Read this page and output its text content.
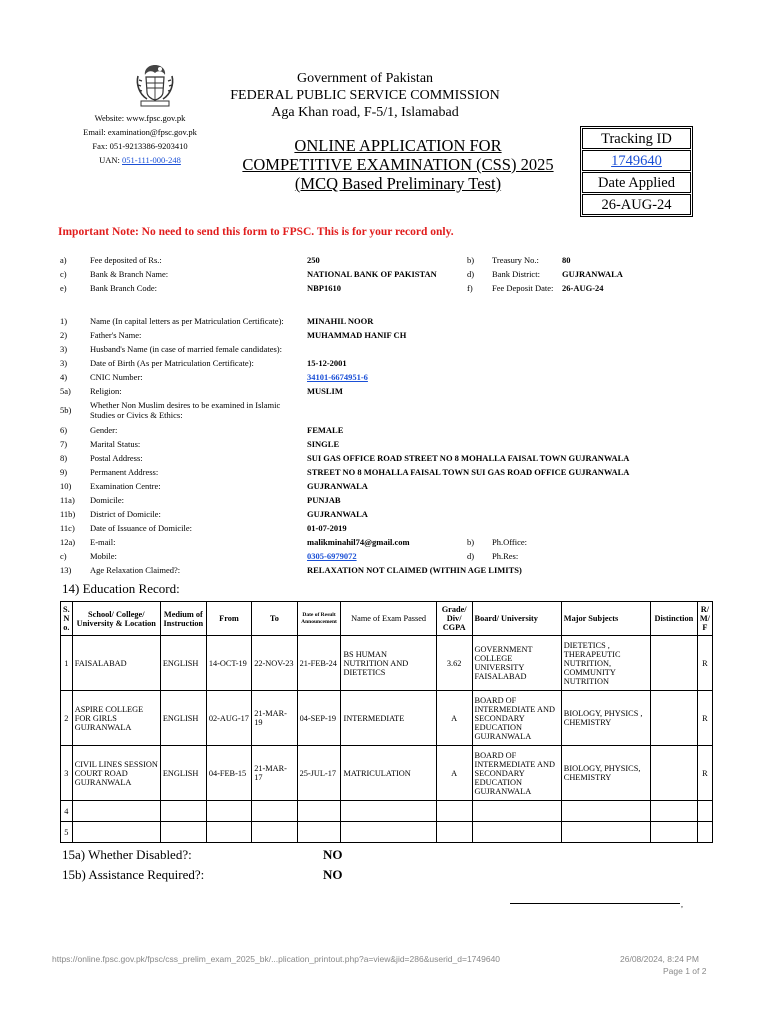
Website: www.fpsc.gov.pk
Email: examination@fpsc.gov.pk
Fax: 051-9213386-9203410
UAN: 051-111-000-248
Government of Pakistan
FEDERAL PUBLIC SERVICE COMMISSION
Aga Khan road, F-5/1, Islamabad
ONLINE APPLICATION FOR
COMPETITIVE EXAMINATION (CSS) 2025
(MCQ Based Preliminary Test)
Tracking ID
1749640
Date Applied
26-AUG-24
Important Note: No need to send this form to FPSC. This is for your record only.
a)	Fee deposited of Rs.:	250	b) Treasury No.:	80
c)	Bank & Branch Name:	NATIONAL BANK OF PAKISTAN	d) Bank District:	GUJRANWALA
e)	Bank Branch Code:	NBP1610	f) Fee Deposit Date: 26-AUG-24
1)	Name (In capital letters as per Matriculation Certificate):	MINAHIL NOOR
2)	Father's Name:	MUHAMMAD HANIF CH
3)	Husband's Name (in case of married female candidates):
3)	Date of Birth (As per Matriculation Certificate):	15-12-2001
4)	CNIC Number:	34101-6674951-6
5a) Religion:	MUSLIM
5b) Whether Non Muslim desires to be examined in Islamic Studies or Civics & Ethics:
6)	Gender:	FEMALE
7)	Marital Status:	SINGLE
8)	Postal Address:	SUI GAS OFFICE ROAD STREET NO 8 MOHALLA FAISAL TOWN GUJRANWALA
9)	Permanent Address:	STREET NO 8 MOHALLA FAISAL TOWN SUI GAS ROAD OFFICE GUJRANWALA
10) Examination Centre:	GUJRANWALA
11a) Domicile:	PUNJAB
11b) District of Domicile:	GUJRANWALA
11c) Date of Issuance of Domicile:	01-07-2019
12a) E-mail:	malikminahil74@gmail.com	b) Ph.Office:
c)	Mobile:	0305-6979072	d) Ph.Res:
13) Age Relaxation Claimed?:	RELAXATION NOT CLAIMED (WITHIN AGE LIMITS)
14) Education Record:
S. N o.	School/ College/ University & Location	Medium of Instruction	From	To	Date of Result Announcement	Name of Exam Passed	Grade/ Div/ CGPA	Board/ University	Major Subjects	Distinction	R/ M/ F
1	FAISALABAD	ENGLISH	14-OCT-19	22-NOV-23	21-FEB-24	BS HUMAN NUTRITION AND DIETETICS	3.62	GOVERNMENT COLLEGE UNIVERSITY FAISALABAD	DIETETICS , THERAPEUTIC NUTRITION, COMMUNITY NUTRITION		R
2	ASPIRE COLLEGE FOR GIRLS GUJRANWALA	ENGLISH	02-AUG-17	21-MAR-19	04-SEP-19	INTERMEDIATE	A	BOARD OF INTERMEDIATE AND SECONDARY EDUCATION GUJRANWALA	BIOLOGY, PHYSICS , CHEMISTRY		R
3	CIVIL LINES SESSION COURT ROAD GUJRANWALA	ENGLISH	04-FEB-15	21-MAR-17	25-JUL-17	MATRICULATION	A	BOARD OF INTERMEDIATE AND SECONDARY EDUCATION GUJRANWALA	BIOLOGY, PHYSICS, CHEMISTRY		R
4											
5											
15a) Whether Disabled?:	NO
15b) Assistance Required?:	NO
,
https://online.fpsc.gov.pk/fpsc/css_prelim_exam_2025_bk/...plication_printout.php?a=view&jid=286&userid_d=1749640	26/08/2024, 8:24 PM
Page 1 of 2
